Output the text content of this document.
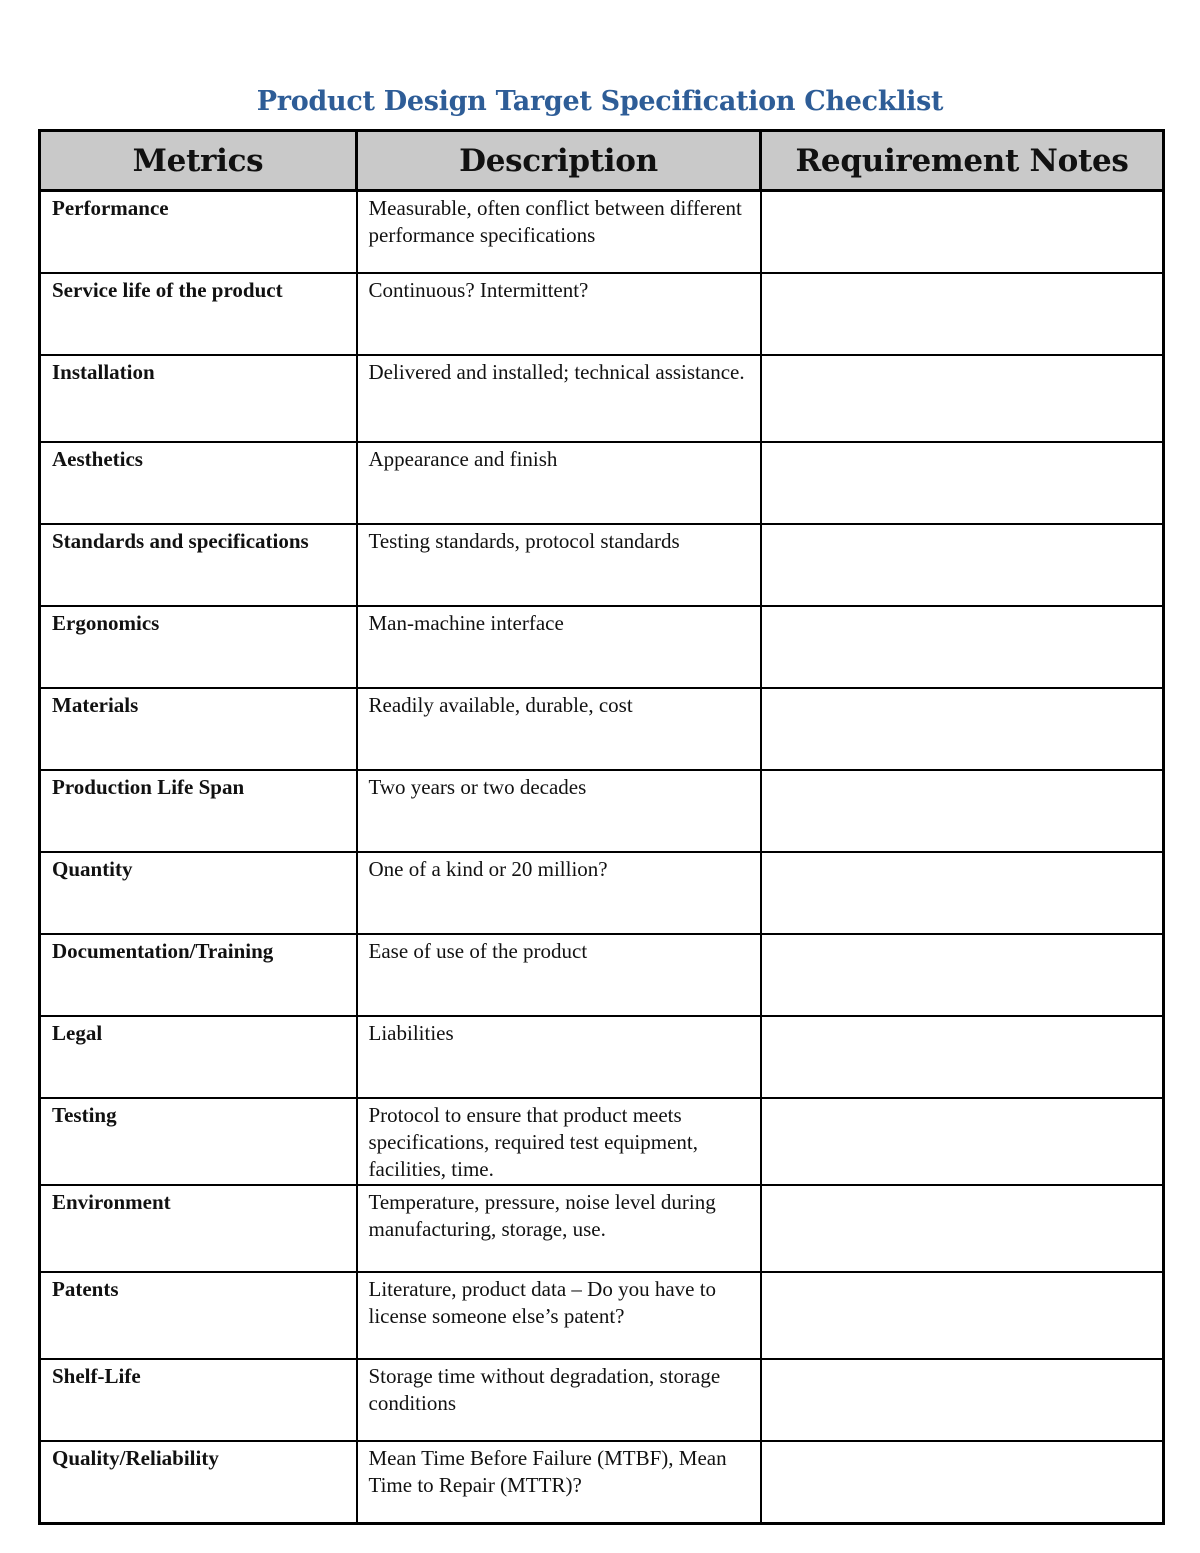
Product Design Target Specification Checklist
Metrics	Description	Requirement Notes
Performance	Measurable, often conflict between different performance specifications	
Service life of the product	Continuous? Intermittent?	
Installation	Delivered and installed; technical assistance.	
Aesthetics	Appearance and finish	
Standards and specifications	Testing standards, protocol standards	
Ergonomics	Man-machine interface	
Materials	Readily available, durable, cost	
Production Life Span	Two years or two decades	
Quantity	One of a kind or 20 million?	
Documentation/Training	Ease of use of the product	
Legal	Liabilities	
Testing	Protocol to ensure that product meets specifications, required test equipment, facilities, time.	
Environment	Temperature, pressure, noise level during manufacturing, storage, use.	
Patents	Literature, product data – Do you have to license someone else’s patent?	
Shelf-Life	Storage time without degradation, storage conditions	
Quality/Reliability	Mean Time Before Failure (MTBF), Mean Time to Repair (MTTR)?	
